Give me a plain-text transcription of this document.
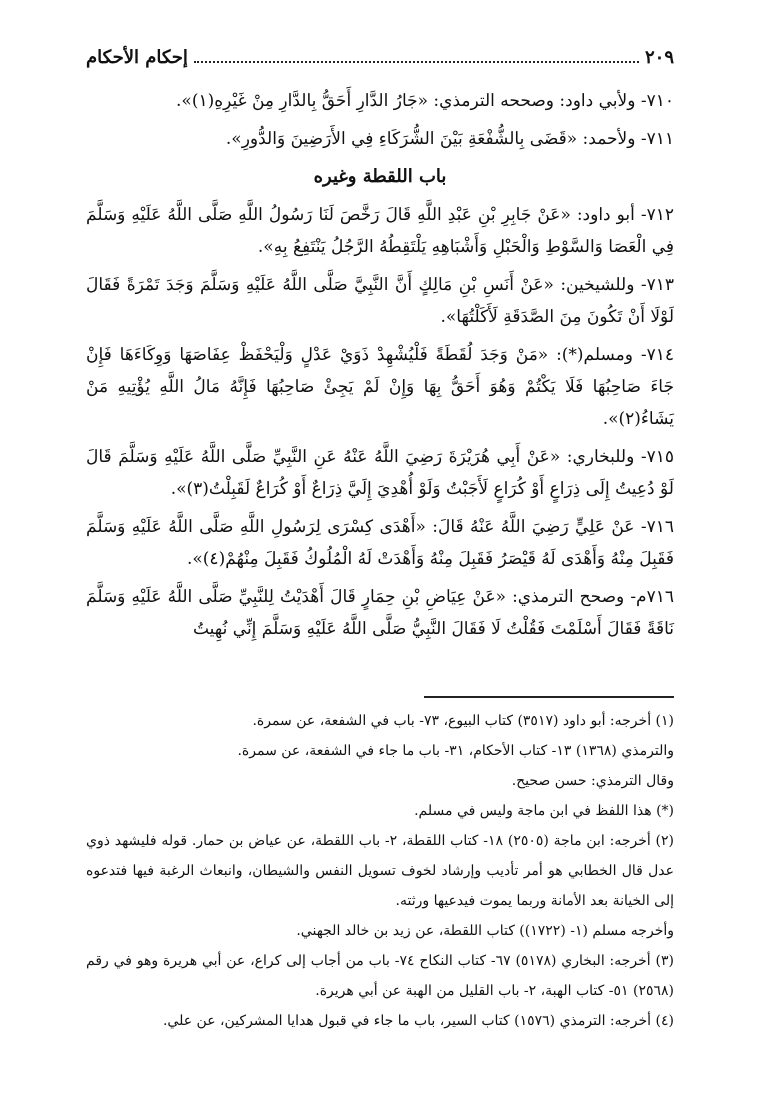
٢٠٩
إحكام الأحكام

٧١٠- ولأبي داود: وصححه الترمذي: «جَارُ الدَّارِ أَحَقُّ بِالدَّارِ مِنْ غَيْرِهِ(١)».

٧١١- ولأحمد: «قَضَى بِالشُّفْعَةِ بَيْنَ الشُّرَكَاءِ فِي الأَرَضِينَ وَالدُّورِ».

باب اللقطة وغيره

٧١٢- أبو داود: «عَنْ جَابِرِ بْنِ عَبْدِ اللَّهِ قَالَ رَخَّصَ لَنَا رَسُولُ اللَّهِ صَلَّى اللَّهُ عَلَيْهِ وَسَلَّمَ فِي الْعَصَا وَالسَّوْطِ وَالْحَبْلِ وَأَشْبَاهِهِ يَلْتَقِطُهُ الرَّجُلُ يَنْتَفِعُ بِهِ».

٧١٣- وللشيخين: «عَنْ أَنَسِ بْنِ مَالِكٍ أَنَّ النَّبِيَّ صَلَّى اللَّهُ عَلَيْهِ وَسَلَّمَ وَجَدَ تَمْرَةً فَقَالَ لَوْلَا أَنْ تَكُونَ مِنَ الصَّدَقَةِ لَأَكَلْتُهَا».

٧١٤- ومسلم(*): «مَنْ وَجَدَ لُقَطَةً فَلْيُشْهِدْ ذَوَيْ عَدْلٍ وَلْيَحْفَظْ عِفَاصَهَا وَوِكَاءَهَا فَإِنْ جَاءَ صَاحِبُهَا فَلَا يَكْتُمْ وَهُوَ أَحَقُّ بِهَا وَإِنْ لَمْ يَجِئْ صَاحِبُهَا فَإِنَّهُ مَالُ اللَّهِ يُؤْتِيهِ مَنْ يَشَاءُ(٢)».

٧١٥- وللبخاري: «عَنْ أَبِي هُرَيْرَةَ رَضِيَ اللَّهُ عَنْهُ عَنِ النَّبِيِّ صَلَّى اللَّهُ عَلَيْهِ وَسَلَّمَ قَالَ لَوْ دُعِيتُ إِلَى ذِرَاعٍ أَوْ كُرَاعٍ لَأَجَبْتُ وَلَوْ أُهْدِيَ إِلَيَّ ذِرَاعٌ أَوْ كُرَاعٌ لَقَبِلْتُ(٣)».

٧١٦- عَنْ عَلِيٍّ رَضِيَ اللَّهُ عَنْهُ قَالَ: «أَهْدَى كِسْرَى لِرَسُولِ اللَّهِ صَلَّى اللَّهُ عَلَيْهِ وَسَلَّمَ فَقَبِلَ مِنْهُ وَأَهْدَى لَهُ قَيْصَرُ فَقَبِلَ مِنْهُ وَأَهْدَتْ لَهُ الْمُلُوكُ فَقَبِلَ مِنْهُمْ(٤)».

٧١٦م- وصحح الترمذي: «عَنْ عِيَاضِ بْنِ حِمَارٍ قَالَ أَهْدَيْتُ لِلنَّبِيِّ صَلَّى اللَّهُ عَلَيْهِ وَسَلَّمَ نَاقَةً فَقَالَ أَسْلَمْتَ فَقُلْتُ لَا فَقَالَ النَّبِيُّ صَلَّى اللَّهُ عَلَيْهِ وَسَلَّمَ إِنِّي نُهِيتُ

(١) أخرجه: أبو داود (٣٥١٧) كتاب البيوع، ٧٣- باب في الشفعة، عن سمرة.

والترمذي (١٣٦٨) ١٣- كتاب الأحكام، ٣١- باب ما جاء في الشفعة، عن سمرة.

وقال الترمذي: حسن صحيح.

(*) هذا اللفظ في ابن ماجة وليس في مسلم.

(٢) أخرجه: ابن ماجة (٢٥٠٥) ١٨- كتاب اللقطة، ٢- باب اللقطة، عن عياض بن حمار. قوله فليشهد ذوي عدل قال الخطابي هو أمر تأديب وإرشاد لخوف تسويل النفس والشيطان، وانبعاث الرغبة فيها فتدعوه إلى الخيانة بعد الأمانة وربما يموت فيدعيها ورثته.

وأخرجه مسلم (١- (١٧٢٢)) كتاب اللقطة، عن زيد بن خالد الجهني.

(٣) أخرجه: البخاري (٥١٧٨) ٦٧- كتاب النكاح ٧٤- باب من أجاب إلى كراع، عن أبي هريرة وهو في رقم (٢٥٦٨) ٥١- كتاب الهبة، ٢- باب القليل من الهبة عن أبي هريرة.

(٤) أخرجه: الترمذي (١٥٧٦) كتاب السير، باب ما جاء في قبول هدايا المشركين، عن علي.
